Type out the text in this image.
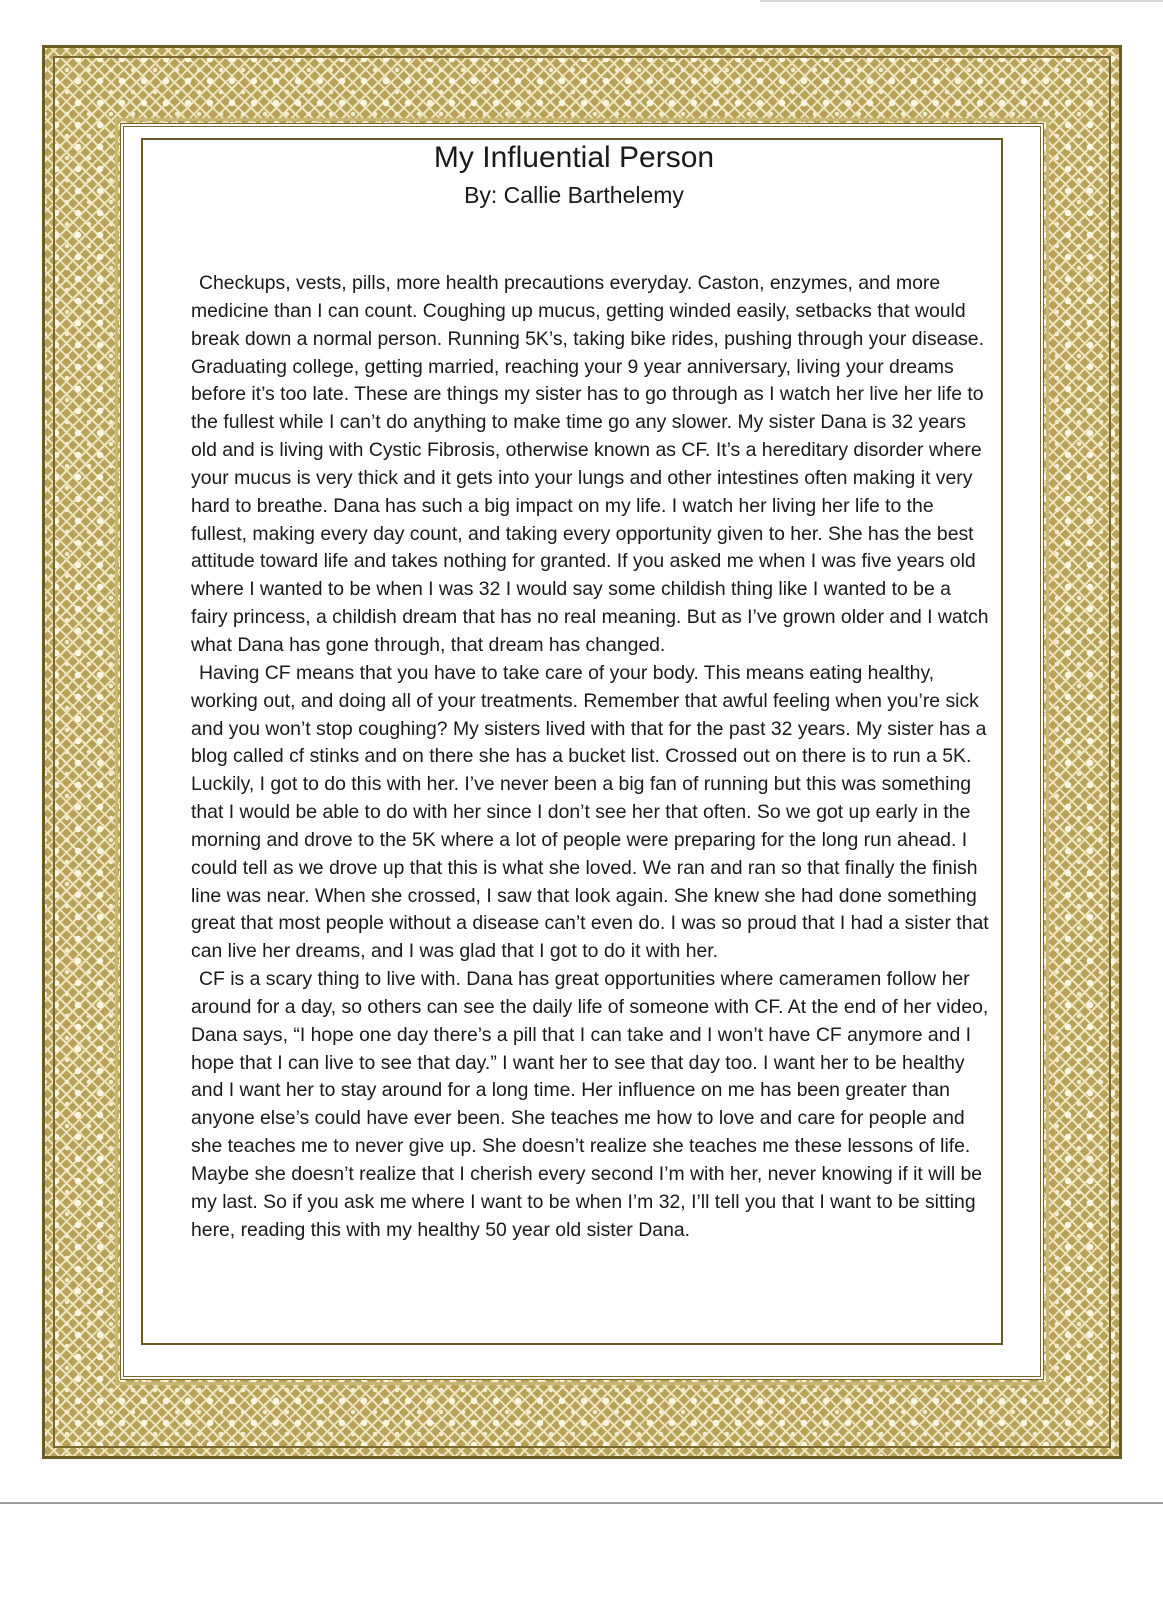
My Influential Person
By: Callie Barthelemy

Checkups, vests, pills, more health precautions everyday. Caston, enzymes, and more medicine than I can count. Coughing up mucus, getting winded easily, setbacks that would break down a normal person. Running 5K’s, taking bike rides, pushing through your disease. Graduating college, getting married, reaching your 9 year anniversary, living your dreams before it’s too late. These are things my sister has to go through as I watch her live her life to the fullest while I can’t do anything to make time go any slower. My sister Dana is 32 years old and is living with Cystic Fibrosis, otherwise known as CF. It’s a hereditary disorder where your mucus is very thick and it gets into your lungs and other intestines often making it very hard to breathe. Dana has such a big impact on my life. I watch her living her life to the fullest, making every day count, and taking every opportunity given to her. She has the best attitude toward life and takes nothing for granted. If you asked me when I was five years old where I wanted to be when I was 32 I would say some childish thing like I wanted to be a fairy princess, a childish dream that has no real meaning. But as I’ve grown older and I watch what Dana has gone through, that dream has changed.

Having CF means that you have to take care of your body. This means eating healthy, working out, and doing all of your treatments. Remember that awful feeling when you’re sick and you won’t stop coughing? My sisters lived with that for the past 32 years. My sister has a blog called cf stinks and on there she has a bucket list. Crossed out on there is to run a 5K. Luckily, I got to do this with her. I’ve never been a big fan of running but this was something that I would be able to do with her since I don’t see her that often. So we got up early in the morning and drove to the 5K where a lot of people were preparing for the long run ahead. I could tell as we drove up that this is what she loved. We ran and ran so that finally the finish line was near. When she crossed, I saw that look again. She knew she had done something great that most people without a disease can’t even do. I was so proud that I had a sister that can live her dreams, and I was glad that I got to do it with her.

CF is a scary thing to live with. Dana has great opportunities where cameramen follow her around for a day, so others can see the daily life of someone with CF. At the end of her video, Dana says, “I hope one day there’s a pill that I can take and I won’t have CF anymore and I hope that I can live to see that day.” I want her to see that day too. I want her to be healthy and I want her to stay around for a long time. Her influence on me has been greater than anyone else’s could have ever been. She teaches me how to love and care for people and she teaches me to never give up. She doesn’t realize she teaches me these lessons of life. Maybe she doesn’t realize that I cherish every second I’m with her, never knowing if it will be my last. So if you ask me where I want to be when I’m 32, I’ll tell you that I want to be sitting here, reading this with my healthy 50 year old sister Dana.
